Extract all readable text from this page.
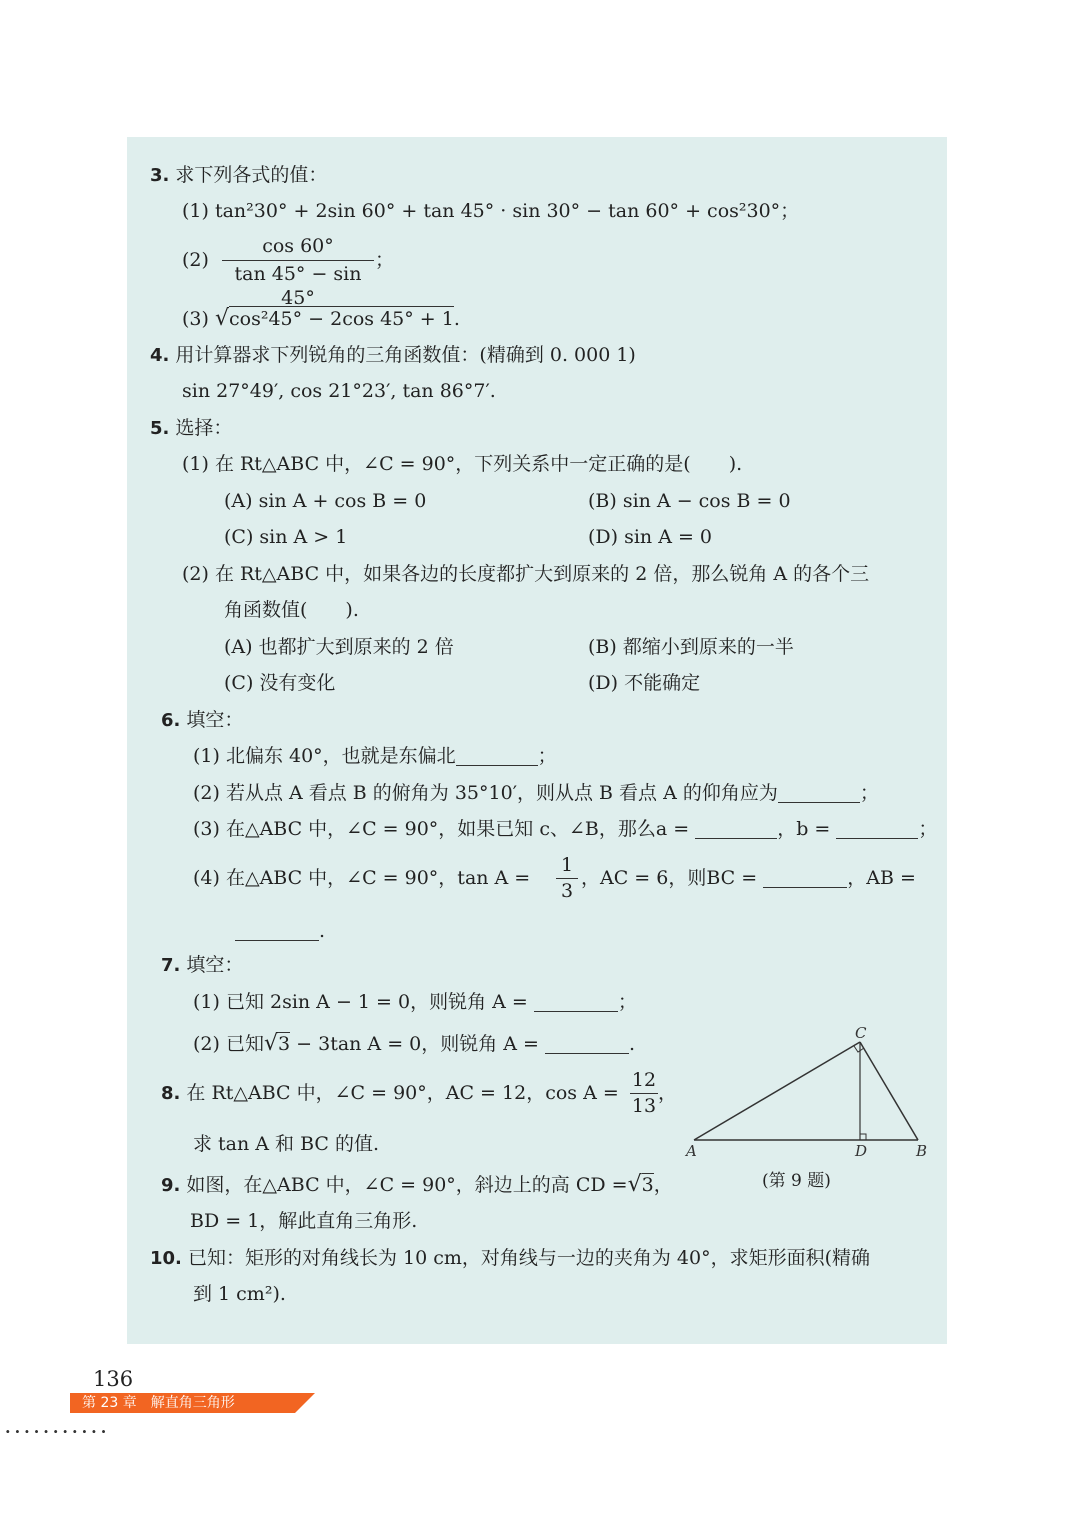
3. 求下列各式的值：
(1) tan²30° + 2sin 60° + tan 45° · sin 30° − tan 60° + cos²30°；
(2)
cos 60°
tan 45° − sin 45°
；
(3) √cos²45° − 2cos 45° + 1.
4. 用计算器求下列锐角的三角函数值：(精确到 0. 000 1)
sin 27°49′, cos 21°23′, tan 86°7′.
5. 选择：
(1) 在 Rt△ABC 中，∠C = 90°，下列关系中一定正确的是(　　).
(A) sin A + cos B = 0	(B) sin A − cos B = 0
(C) sin A > 1	(D) sin A = 0
(2) 在 Rt△ABC 中，如果各边的长度都扩大到原来的 2 倍，那么锐角 A 的各个三
角函数值(　　).
(A) 也都扩大到原来的 2 倍	(B) 都缩小到原来的一半
(C) 没有变化	(D) 不能确定
6. 填空：
(1) 北偏东 40°，也就是东偏北	；
(2) 若从点 A 看点 B 的俯角为 35°10′，则从点 B 看点 A 的仰角应为	；
(3) 在△ABC 中，∠C = 90°，如果已知 c、∠B，那么a =	，b =	；
(4) 在△ABC 中，∠C = 90°，tan A =
1
3
，AC = 6，则BC =	，AB =
.
7. 填空：
(1) 已知 2sin A − 1 = 0，则锐角 A =	；
(2) 已知√3 − 3tan A = 0，则锐角 A =	.
8. 在 Rt△ABC 中，∠C = 90°，AC = 12，cos A =
12
13
，
求 tan A 和 BC 的值.	A	B
C
D
(第 9 题)
9. 如图，在△ABC 中，∠C = 90°，斜边上的高 CD =√3，
BD = 1，解此直角三角形.
10. 已知：矩形的对角线长为 10 cm，对角线与一边的夹角为 40°，求矩形面积(精确
到 1 cm²).
136
第 23 章　解直角三角形
...........
